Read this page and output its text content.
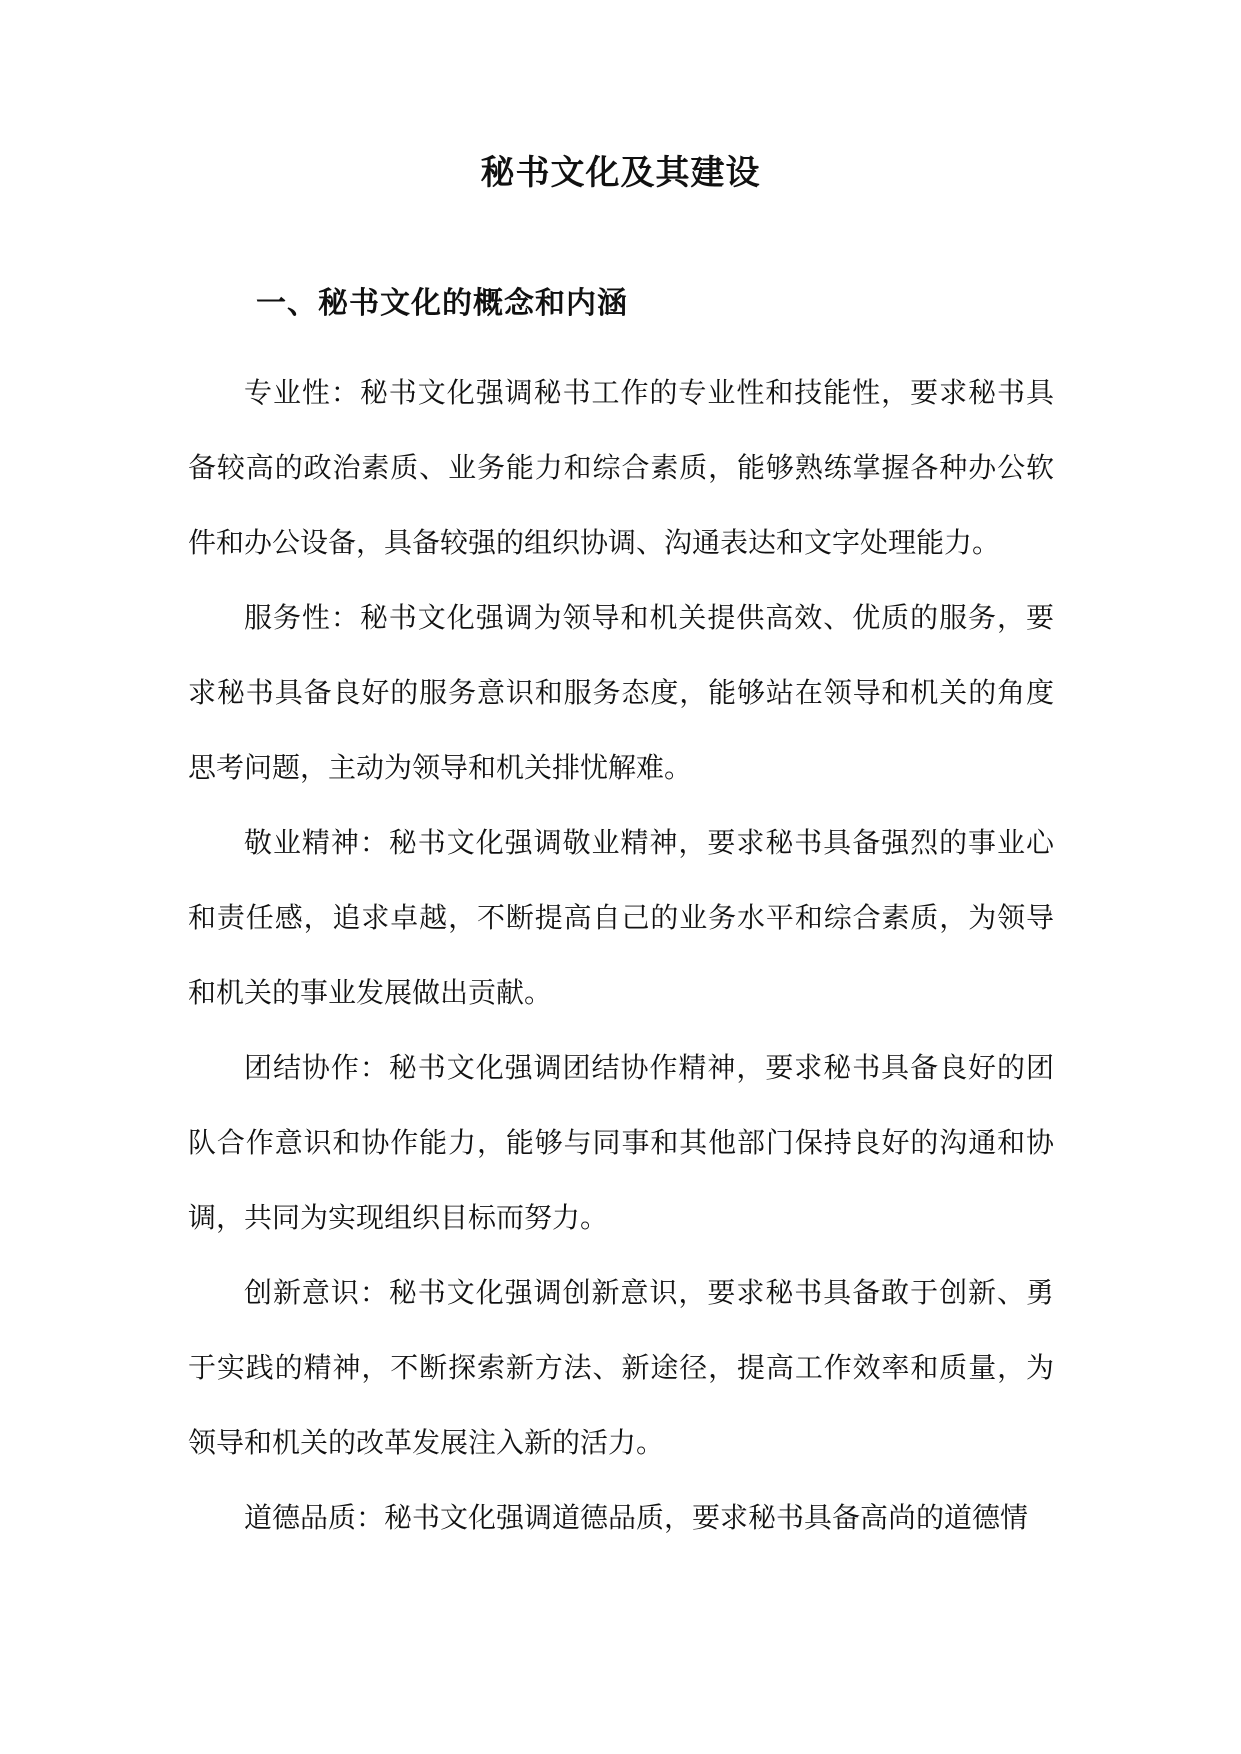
秘书文化及其建设
一、秘书文化的概念和内涵

专业性：秘书文化强调秘书工作的专业性和技能性，要求秘书具备较高的政治素质、业务能力和综合素质，能够熟练掌握各种办公软件和办公设备，具备较强的组织协调、沟通表达和文字处理能力。

服务性：秘书文化强调为领导和机关提供高效、优质的服务，要求秘书具备良好的服务意识和服务态度，能够站在领导和机关的角度思考问题，主动为领导和机关排忧解难。

敬业精神：秘书文化强调敬业精神，要求秘书具备强烈的事业心和责任感，追求卓越，不断提高自己的业务水平和综合素质，为领导和机关的事业发展做出贡献。

团结协作：秘书文化强调团结协作精神，要求秘书具备良好的团队合作意识和协作能力，能够与同事和其他部门保持良好的沟通和协调，共同为实现组织目标而努力。

创新意识：秘书文化强调创新意识，要求秘书具备敢于创新、勇于实践的精神，不断探索新方法、新途径，提高工作效率和质量，为领导和机关的改革发展注入新的活力。

道德品质：秘书文化强调道德品质，要求秘书具备高尚的道德情
